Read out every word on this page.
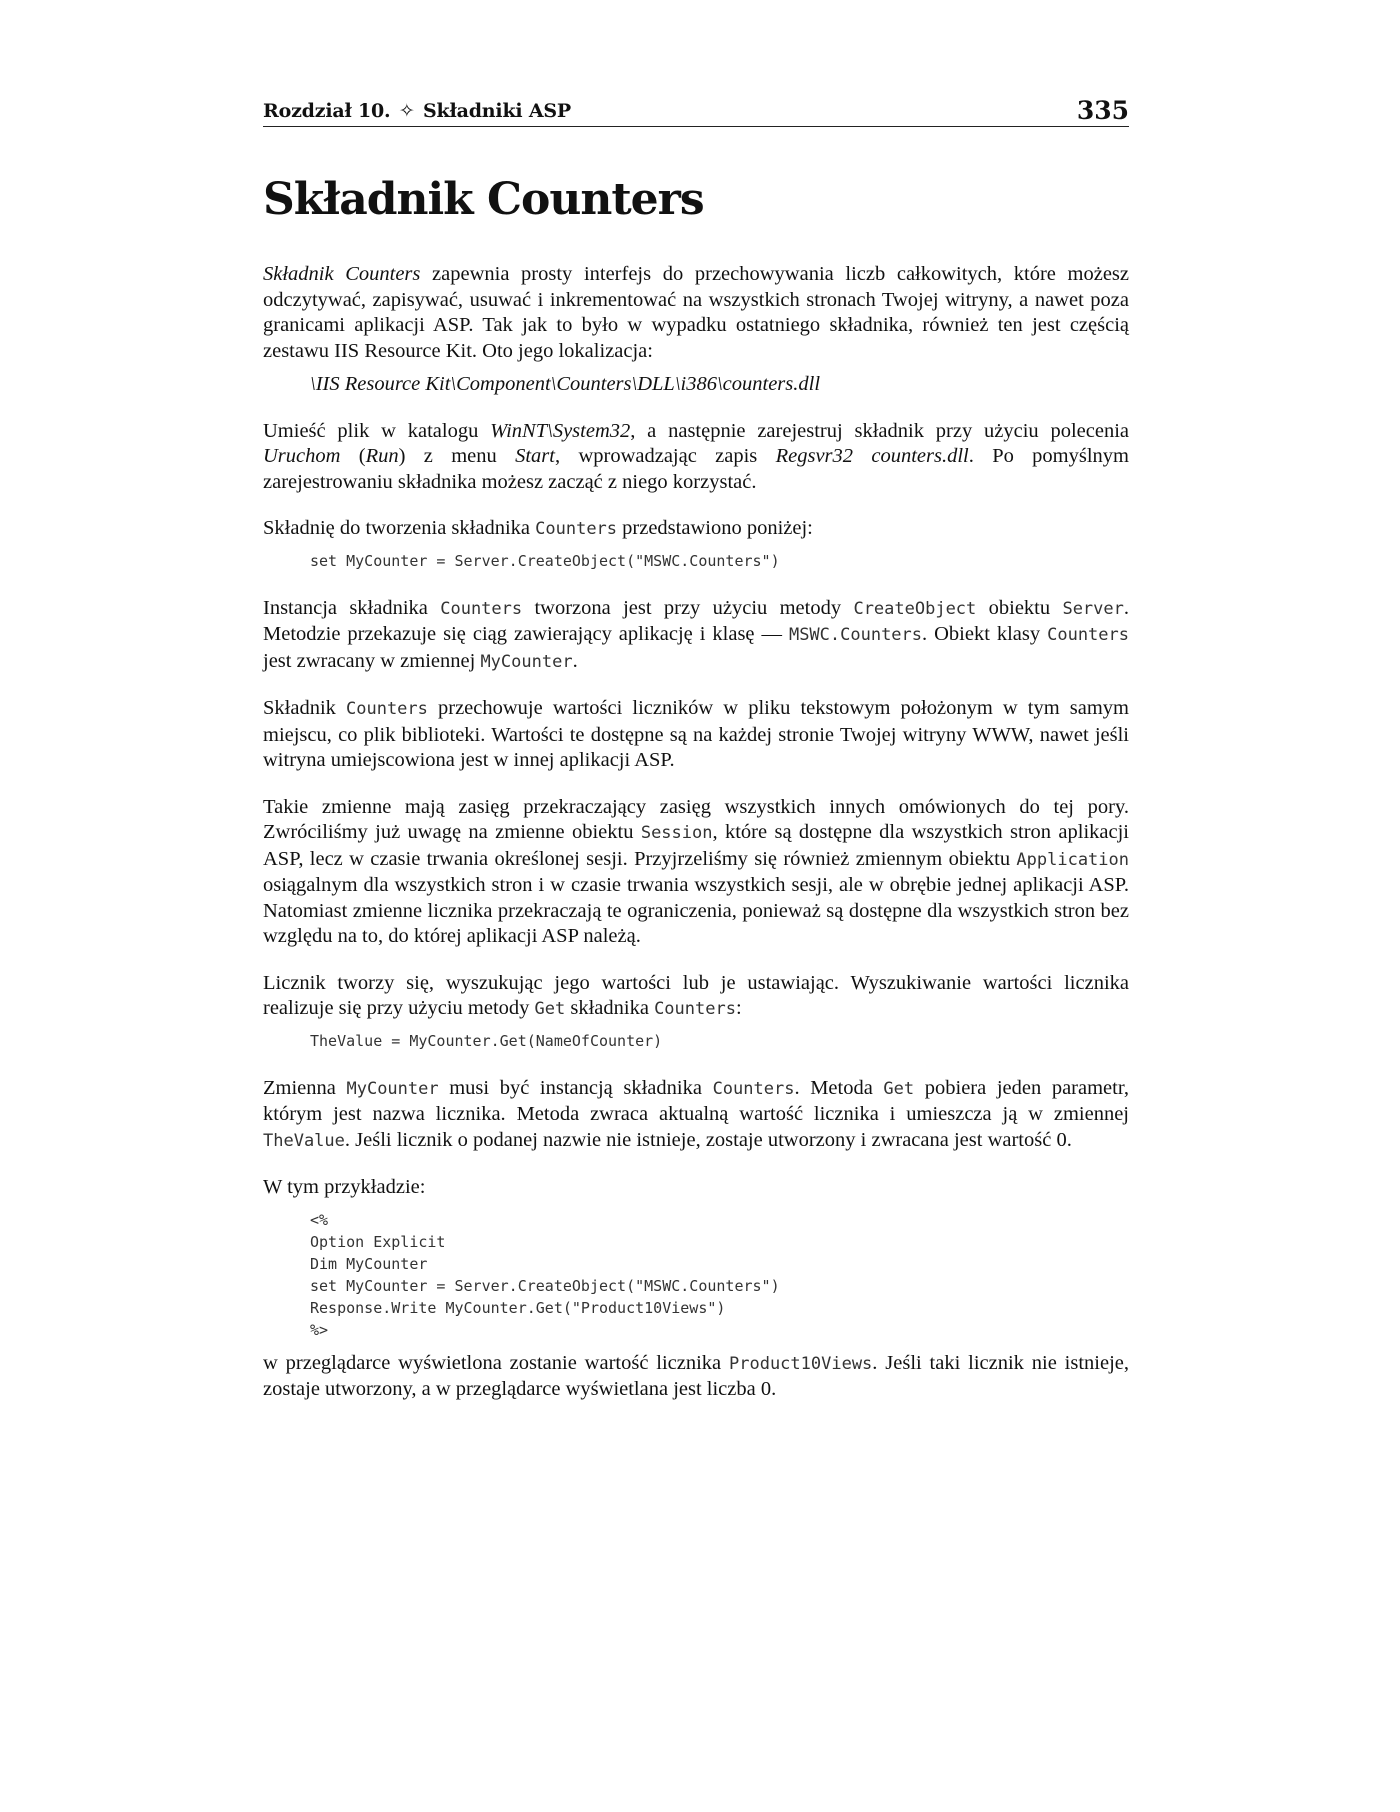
Rozdział 10. ✧ Składniki ASP	335
Składnik Counters

Składnik Counters zapewnia prosty interfejs do przechowywania liczb całkowitych, które możesz odczytywać, zapisywać, usuwać i inkrementować na wszystkich stronach Twojej witryny, a nawet poza granicami aplikacji ASP. Tak jak to było w wypadku ostatniego składnika, również ten jest częścią zestawu IIS Resource Kit. Oto jego lokalizacja:

\IIS Resource Kit\Component\Counters\DLL\i386\counters.dll

Umieść plik w katalogu WinNT\System32, a następnie zarejestruj składnik przy użyciu polecenia Uruchom (Run) z menu Start, wprowadzając zapis Regsvr32 counters.dll. Po pomyślnym zarejestrowaniu składnika możesz zacząć z niego korzystać.

Składnię do tworzenia składnika Counters przedstawiono poniżej:

set MyCounter = Server.CreateObject("MSWC.Counters")

Instancja składnika Counters tworzona jest przy użyciu metody CreateObject obiektu Server. Metodzie przekazuje się ciąg zawierający aplikację i klasę — MSWC.Counters. Obiekt klasy Counters jest zwracany w zmiennej MyCounter.

Składnik Counters przechowuje wartości liczników w pliku tekstowym położonym w tym samym miejscu, co plik biblioteki. Wartości te dostępne są na każdej stronie Twojej witryny WWW, nawet jeśli witryna umiejscowiona jest w innej aplikacji ASP.

Takie zmienne mają zasięg przekraczający zasięg wszystkich innych omówionych do tej pory. Zwróciliśmy już uwagę na zmienne obiektu Session, które są dostępne dla wszystkich stron aplikacji ASP, lecz w czasie trwania określonej sesji. Przyjrzeliśmy się również zmiennym obiektu Application osiągalnym dla wszystkich stron i w czasie trwania wszystkich sesji, ale w obrębie jednej aplikacji ASP. Natomiast zmienne licznika przekraczają te ograniczenia, ponieważ są dostępne dla wszystkich stron bez względu na to, do której aplikacji ASP należą.

Licznik tworzy się, wyszukując jego wartości lub je ustawiając. Wyszukiwanie wartości licznika realizuje się przy użyciu metody Get składnika Counters:

TheValue = MyCounter.Get(NameOfCounter)

Zmienna MyCounter musi być instancją składnika Counters. Metoda Get pobiera jeden parametr, którym jest nazwa licznika. Metoda zwraca aktualną wartość licznika i umieszcza ją w zmiennej TheValue. Jeśli licznik o podanej nazwie nie istnieje, zostaje utworzony i zwracana jest wartość 0.

W tym przykładzie:

<%
Option Explicit
Dim MyCounter
set MyCounter = Server.CreateObject("MSWC.Counters")
Response.Write MyCounter.Get("Product10Views")
%>

w przeglądarce wyświetlona zostanie wartość licznika Product10Views. Jeśli taki licznik nie istnieje, zostaje utworzony, a w przeglądarce wyświetlana jest liczba 0.
